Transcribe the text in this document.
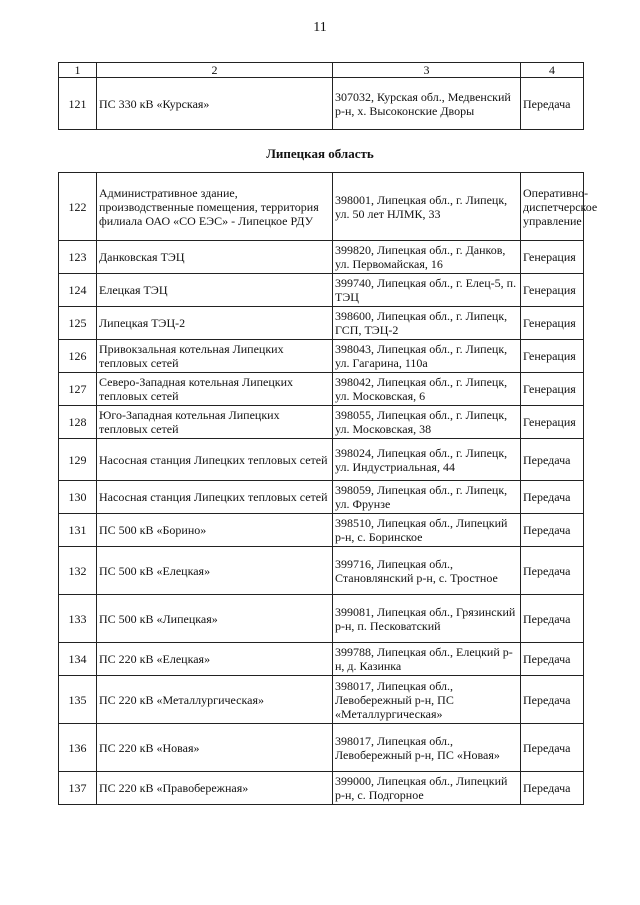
11
1	2	3	4
121	ПС 330 кВ «Курская»	307032, Курская обл., Медвенский р-н, х. Высоконские Дворы	Передача
Липецкая область
122	Административное здание, производственные помещения, территория филиала ОАО «СО ЕЭС» - Липецкое РДУ	398001, Липецкая обл., г. Липецк, ул. 50 лет НЛМК, 33	Оперативно-диспетчерское управление
123	Данковская ТЭЦ	399820, Липецкая обл., г. Данков, ул. Первомайская, 16	Генерация
124	Елецкая ТЭЦ	399740, Липецкая обл., г. Елец-5, п. ТЭЦ	Генерация
125	Липецкая ТЭЦ-2	398600, Липецкая обл., г. Липецк, ГСП, ТЭЦ-2	Генерация
126	Привокзальная котельная Липецких тепловых сетей	398043, Липецкая обл., г. Липецк, ул. Гагарина, 110а	Генерация
127	Северо-Западная котельная Липецких тепловых сетей	398042, Липецкая обл., г. Липецк, ул. Московская, 6	Генерация
128	Юго-Западная котельная Липецких тепловых сетей	398055, Липецкая обл., г. Липецк, ул. Московская, 38	Генерация
129	Насосная станция Липецких тепловых сетей	398024, Липецкая обл., г. Липецк, ул. Индустриальная, 44	Передача
130	Насосная станция Липецких тепловых сетей	398059, Липецкая обл., г. Липецк, ул. Фрунзе	Передача
131	ПС 500 кВ «Борино»	398510, Липецкая обл., Липецкий р-н, с. Боринское	Передача
132	ПС 500 кВ «Елецкая»	399716, Липецкая обл., Становлянский р-н, с. Тростное	Передача
133	ПС 500 кВ «Липецкая»	399081, Липецкая обл., Грязинский р-н, п. Песковатский	Передача
134	ПС 220 кВ «Елецкая»	399788, Липецкая обл., Елецкий р-н, д. Казинка	Передача
135	ПС 220 кВ «Металлургическая»	398017, Липецкая обл., Левобережный р-н, ПС «Металлургическая»	Передача
136	ПС 220 кВ «Новая»	398017, Липецкая обл., Левобережный р-н, ПС «Новая»	Передача
137	ПС 220 кВ «Правобережная»	399000, Липецкая обл., Липецкий р-н, с. Подгорное	Передача
